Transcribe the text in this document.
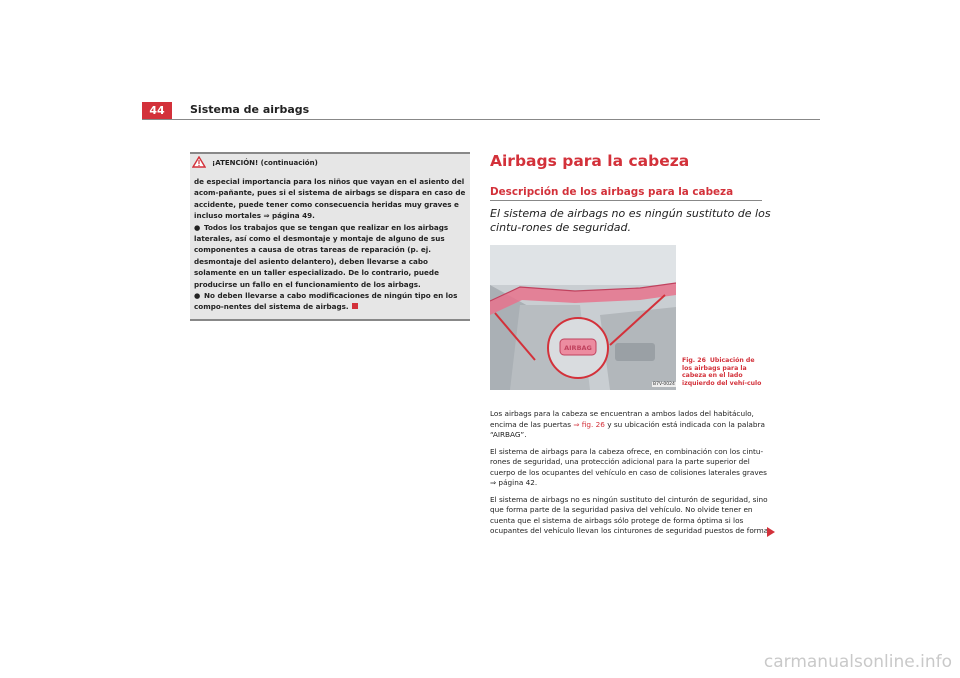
44	Sistema de airbags
¡ATENCIÓN! (continuación)

de especial importancia para los niños que vayan en el asiento del acom-pañante, pues si el sistema de airbags se dispara en caso de accidente, puede tener como consecuencia heridas muy graves e incluso mortales ⇒ página 49.

● Todos los trabajos que se tengan que realizar en los airbags laterales, así como el desmontaje y montaje de alguno de sus componentes a causa de otras tareas de reparación (p. ej. desmontaje del asiento delantero), deben llevarse a cabo solamente en un taller especializado. De lo contrario, puede producirse un fallo en el funcionamiento de los airbags.

● No deben llevarse a cabo modificaciones de ningún tipo en los compo-nentes del sistema de airbags.

Airbags para la cabeza
Descripción de los airbags para la cabeza
El sistema de airbags no es ningún sustituto de los cintu-rones de seguridad.
AIRBAG
B7V-0024
Fig. 26 Ubicación de los airbags para la cabeza en el lado izquierdo del vehí-culo

Los airbags para la cabeza se encuentran a ambos lados del habitáculo, encima de las puertas ⇒ fig. 26 y su ubicación está indicada con la palabra “AIRBAG”.

El sistema de airbags para la cabeza ofrece, en combinación con los cintu-rones de seguridad, una protección adicional para la parte superior del cuerpo de los ocupantes del vehículo en caso de colisiones laterales graves ⇒ página 42.

El sistema de airbags no es ningún sustituto del cinturón de seguridad, sino que forma parte de la seguridad pasiva del vehículo. No olvide tener en cuenta que el sistema de airbags sólo protege de forma óptima si los ocupantes del vehículo llevan los cinturones de seguridad puestos de forma

carmanualsonline.info
